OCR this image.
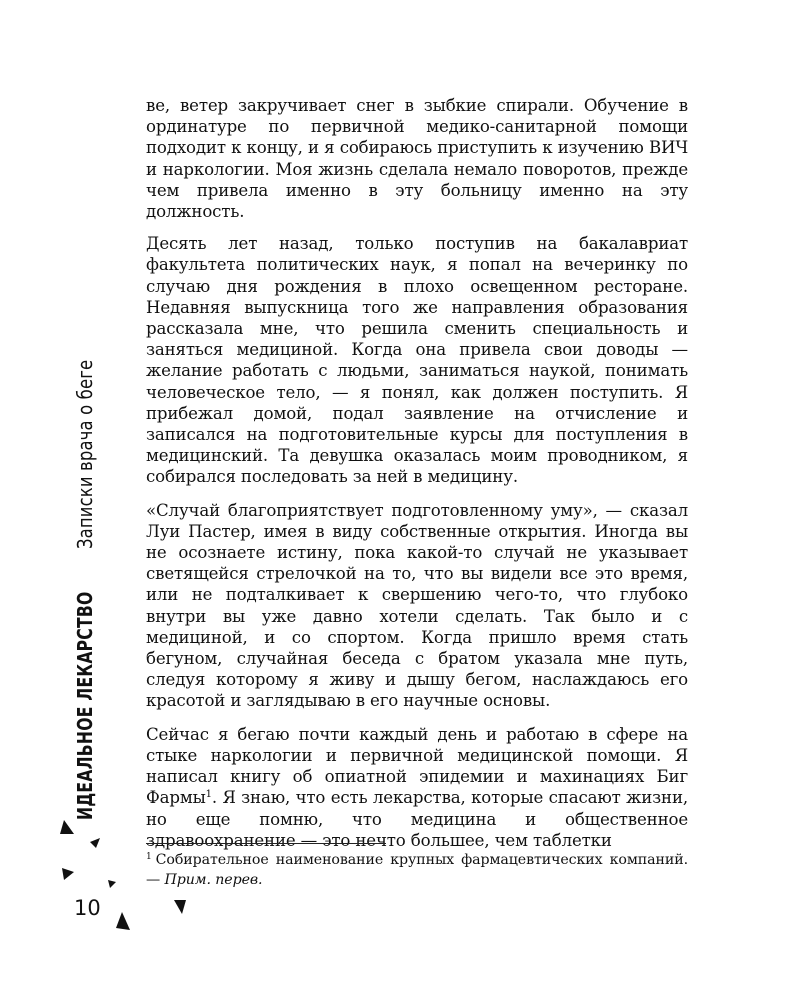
ИДЕАЛЬНОЕ ЛЕКАРСТВО
Записки врача о беге

ве, ветер закручивает снег в зыбкие спирали. Обучение в ординатуре по первичной медико-санитарной помощи подходит к концу, и я собираюсь приступить к изучению ВИЧ и наркологии. Моя жизнь сделала немало поворотов, прежде чем привела именно в эту больницу именно на эту должность.

Десять лет назад, только поступив на бакалавриат факультета политических наук, я попал на вечеринку по случаю дня рождения в плохо освещенном ресторане. Недавняя выпускница того же направления образования рассказала мне, что решила сменить специальность и заняться медициной. Когда она привела свои доводы — желание работать с людьми, заниматься наукой, понимать человеческое тело, — я понял, как должен поступить. Я прибежал домой, подал заявление на отчисление и записался на подготовительные курсы для поступления в медицинский. Та девушка оказалась моим проводником, я собирался последовать за ней в медицину.

«Случай благоприятствует подготовленному уму», — сказал Луи Пастер, имея в виду собственные открытия. Иногда вы не осознаете истину, пока какой-то случай не указывает светящейся стрелочкой на то, что вы видели все это время, или не подталкивает к свершению чего-то, что глубоко внутри вы уже давно хотели сделать. Так было и с медициной, и со спортом. Когда пришло время стать бегуном, случайная беседа с братом указала мне путь, следуя которому я живу и дышу бегом, наслаждаюсь его красотой и заглядываю в его научные основы.

Сейчас я бегаю почти каждый день и работаю в сфере на стыке наркологии и первичной медицинской помощи. Я написал книгу об опиатной эпидемии и махинациях Биг Фармы$^1$. Я знаю, что есть лекарства, которые спасают жизни, но еще помню, что медицина и общественное здравоохранение — это нечто большее, чем таблетки

$^1$ Собирательное наименование крупных фармацевтических компаний. — Прим. перев.
10
